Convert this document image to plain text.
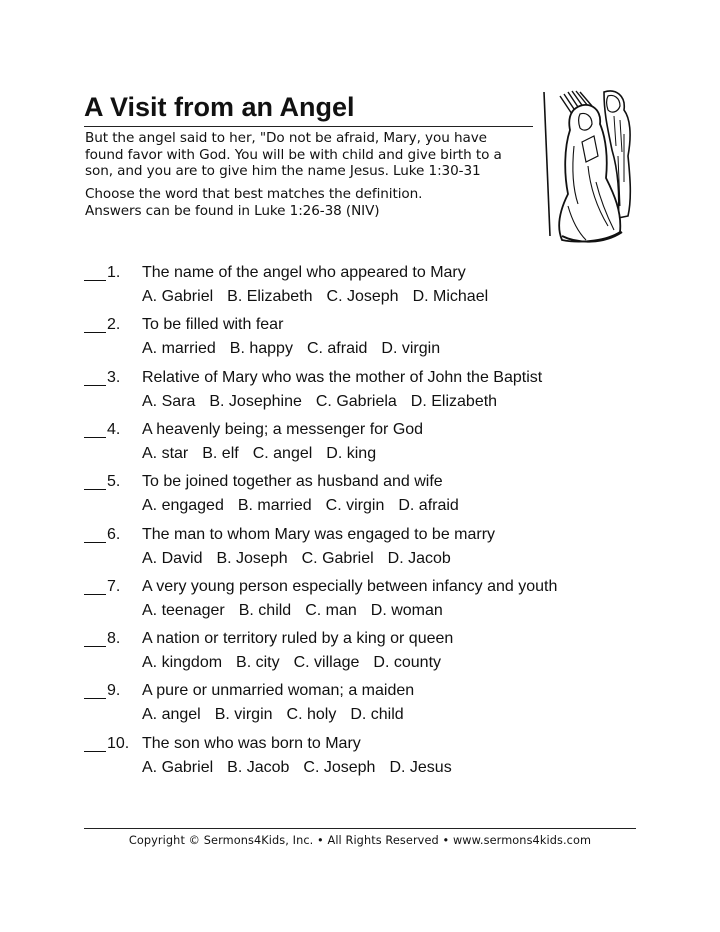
A Visit from an Angel
But the angel said to her, "Do not be afraid, Mary, you have
found favor with God. You will be with child and give birth to a
son, and you are to give him the name Jesus. Luke 1:30-31
Choose the word that best matches the definition.
Answers can be found in Luke 1:26-38 (NIV)
1. The name of the angel who appeared to Mary
A. Gabriel B. Elizabeth C. Joseph D. Michael
2. To be filled with fear
A. married B. happy C. afraid D. virgin
3. Relative of Mary who was the mother of John the Baptist
A. Sara B. Josephine C. Gabriela D. Elizabeth
4. A heavenly being; a messenger for God
A. star B. elf C. angel D. king
5. To be joined together as husband and wife
A. engaged B. married C. virgin D. afraid
6. The man to whom Mary was engaged to be marry
A. David B. Joseph C. Gabriel D. Jacob
7. A very young person especially between infancy and youth
A. teenager B. child C. man D. woman
8. A nation or territory ruled by a king or queen
A. kingdom B. city C. village D. county
9. A pure or unmarried woman; a maiden
A. angel B. virgin C. holy D. child
10. The son who was born to Mary
A. Gabriel B. Jacob C. Joseph D. Jesus
Copyright © Sermons4Kids, Inc. • All Rights Reserved • www.sermons4kids.com
